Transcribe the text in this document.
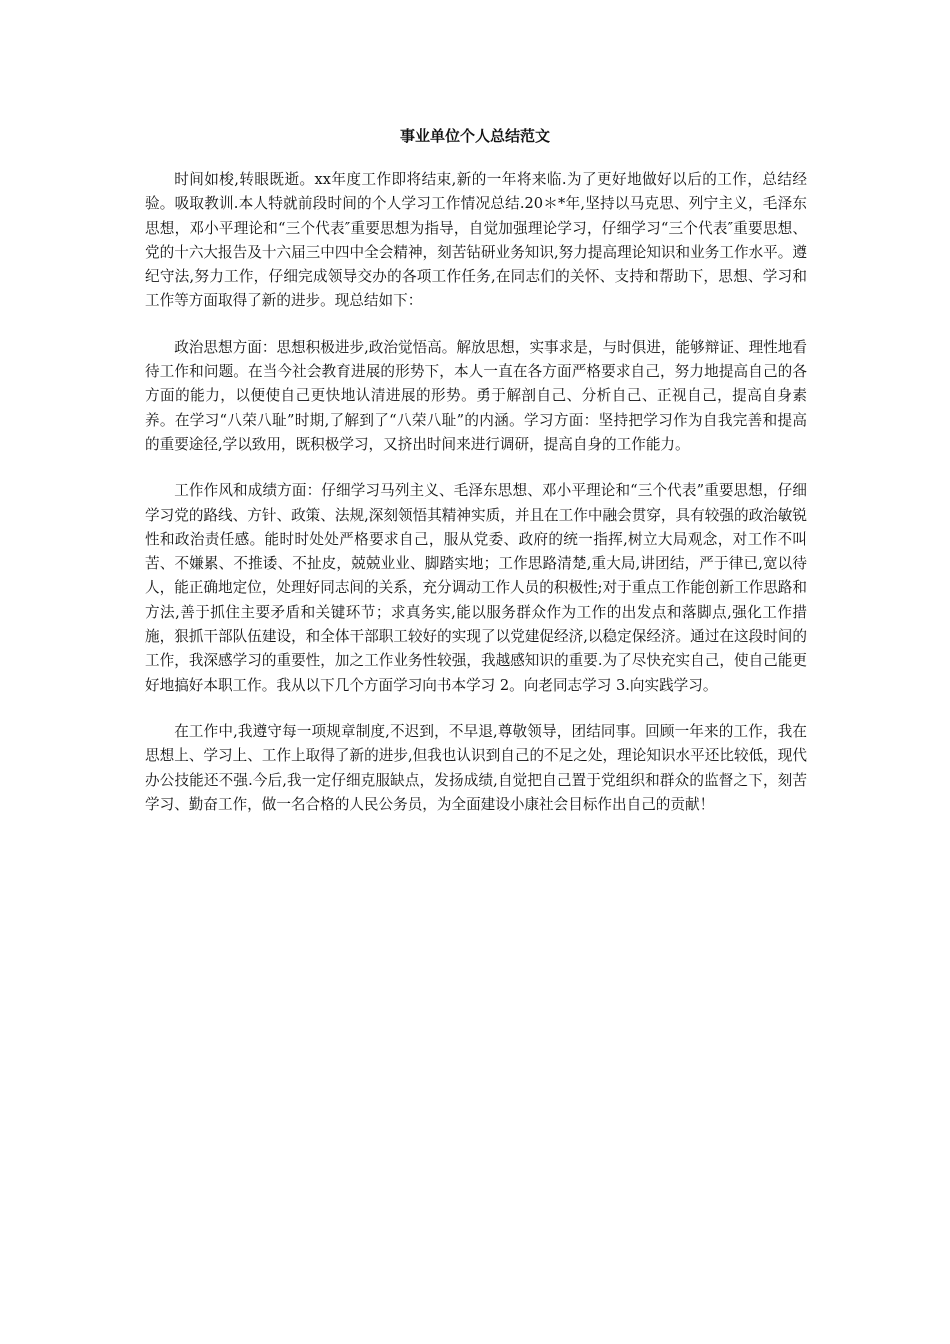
事业单位个人总结范文

时间如梭,转眼既逝。xx年度工作即将结束,新的一年将来临.为了更好地做好以后的工作，总结经验。吸取教训.本人特就前段时间的个人学习工作情况总结.20＊*年,坚持以马克思、列宁主义，毛泽东思想，邓小平理论和“三个代表″重要思想为指导，自觉加强理论学习，仔细学习“三个代表″重要思想、党的十六大报告及十六届三中四中全会精神，刻苦钻研业务知识,努力提高理论知识和业务工作水平。遵纪守法,努力工作，仔细完成领导交办的各项工作任务,在同志们的关怀、支持和帮助下，思想、学习和工作等方面取得了新的进步。现总结如下：

政治思想方面：思想积极进步,政治觉悟高。解放思想，实事求是，与时俱进，能够辩证、理性地看待工作和问题。在当今社会教育进展的形势下，本人一直在各方面严格要求自己，努力地提高自己的各方面的能力，以便使自己更快地认清进展的形势。勇于解剖自己、分析自己、正视自己，提高自身素养。在学习“八荣八耻”时期,了解到了“八荣八耻”的内涵。学习方面：坚持把学习作为自我完善和提高的重要途径,学以致用，既积极学习，又挤出时间来进行调研，提高自身的工作能力。

工作作风和成绩方面：仔细学习马列主义、毛泽东思想、邓小平理论和“三个代表”重要思想，仔细学习党的路线、方针、政策、法规,深刻领悟其精神实质，并且在工作中融会贯穿，具有较强的政治敏锐性和政治责任感。能时时处处严格要求自己，服从党委、政府的统一指挥,树立大局观念，对工作不叫苦、不嫌累、不推诿、不扯皮，兢兢业业、脚踏实地；工作思路清楚,重大局,讲团结，严于律已,宽以待人，能正确地定位，处理好同志间的关系，充分调动工作人员的积极性;对于重点工作能创新工作思路和方法,善于抓住主要矛盾和关键环节；求真务实,能以服务群众作为工作的出发点和落脚点,强化工作措施，狠抓干部队伍建设，和全体干部职工较好的实现了以党建促经济,以稳定保经济。通过在这段时间的工作，我深感学习的重要性，加之工作业务性较强，我越感知识的重要.为了尽快充实自己，使自己能更好地搞好本职工作。我从以下几个方面学习向书本学习 2。向老同志学习 3.向实践学习。

在工作中,我遵守每一项规章制度,不迟到，不早退,尊敬领导，团结同事。回顾一年来的工作，我在思想上、学习上、工作上取得了新的进步,但我也认识到自己的不足之处，理论知识水平还比较低，现代办公技能还不强.今后,我一定仔细克服缺点，发扬成绩,自觉把自己置于党组织和群众的监督之下，刻苦学习、勤奋工作，做一名合格的人民公务员，为全面建设小康社会目标作出自己的贡献！
